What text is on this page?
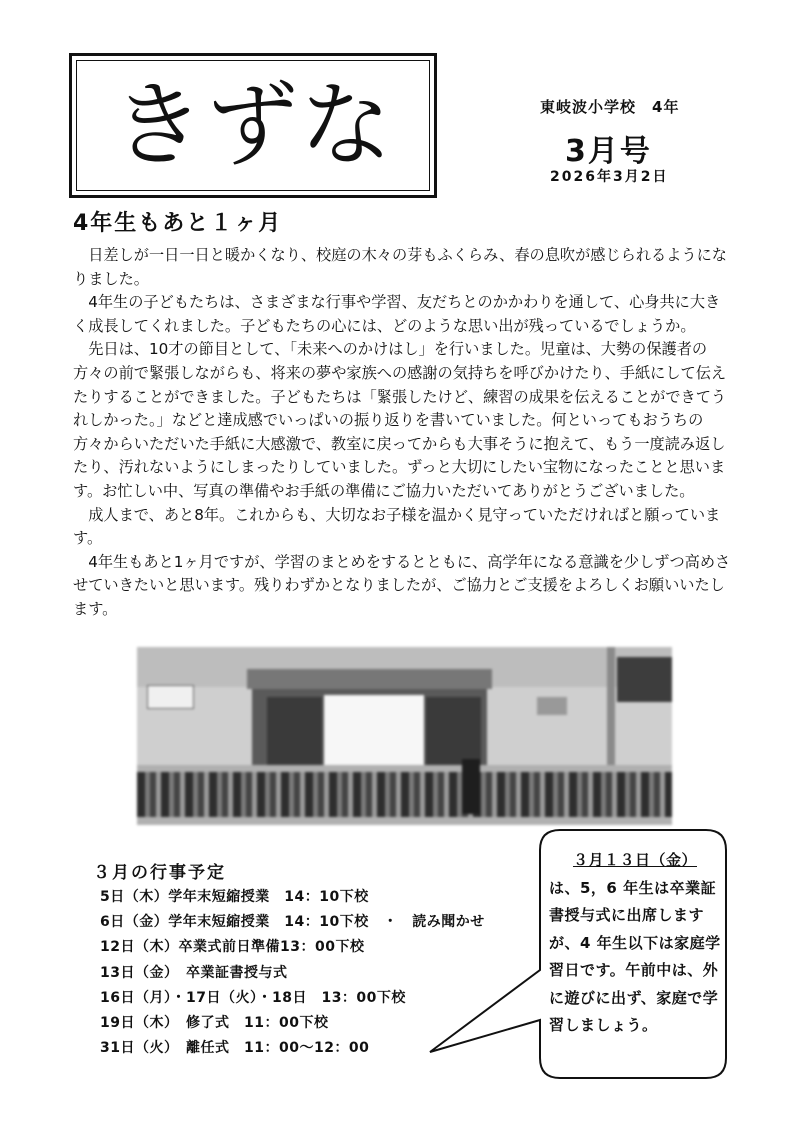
きずな	東岐波小学校　4年
3月号
2026年3月2日
4年生もあと１ヶ月

日差しが一日一日と暖かくなり、校庭の木々の芽もふくらみ、春の息吹が感じられるようになりました。

4年生の子どもたちは、さまざまな行事や学習、友だちとのかかわりを通して、心身共に大きく成長してくれました。子どもたちの心には、どのような思い出が残っているでしょうか。

先日は、10才の節目として、「未来へのかけはし」を行いました。児童は、大勢の保護者の方々の前で緊張しながらも、将来の夢や家族への感謝の気持ちを呼びかけたり、手紙にして伝えたりすることができました。子どもたちは「緊張したけど、練習の成果を伝えることができてうれしかった。」などと達成感でいっぱいの振り返りを書いていました。何といってもおうちの方々からいただいた手紙に大感激で、教室に戻ってからも大事そうに抱えて、もう一度読み返したり、汚れないようにしまったりしていました。ずっと大切にしたい宝物になったことと思います。お忙しい中、写真の準備やお手紙の準備にご協力いただいてありがとうございました。

成人まで、あと8年。これからも、大切なお子様を温かく見守っていただければと願っています。

4年生もあと1ヶ月ですが、学習のまとめをするとともに、高学年になる意識を少しずつ高めさせていきたいと思います。残りわずかとなりましたが、ご協力とご支援をよろしくお願いいたします。

３月の行事予定
5日（木）学年末短縮授業　14：10下校
6日（金）学年末短縮授業　14：10下校　・　読み聞かせ
12日（木）卒業式前日準備13：00下校
13日（金）　卒業証書授与式
16日（月）・17日（火）・18日　13：00下校
19日（木）　修了式　11：00下校
31日（火）　離任式　11：00～12：00
３月１３日（金）
は、5，6 年生は卒業証書授与式に出席しますが、4 年生以下は家庭学習日です。午前中は、外に遊びに出ず、家庭で学習しましょう。
